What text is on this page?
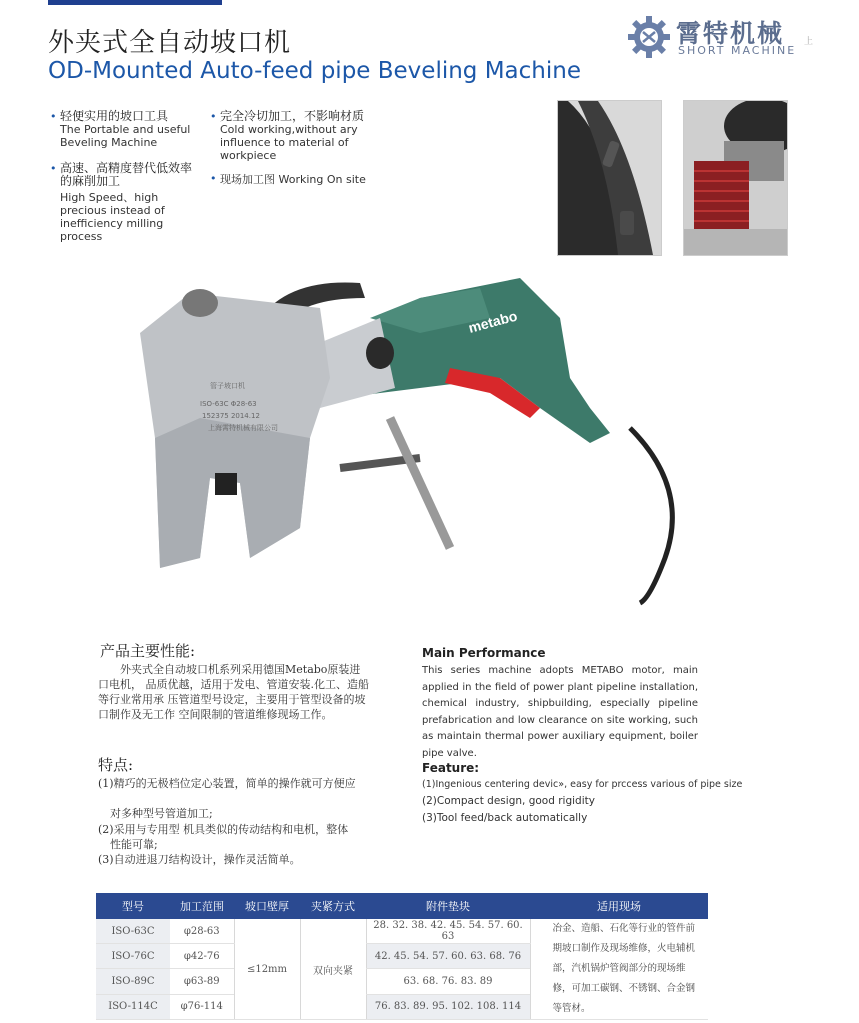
外夹式全自动坡口机
OD-Mounted Auto-feed pipe Beveling Machine
霄特机械
SHORT MACHINE
上
• 轻便实用的坡口工具
The Portable and useful Beveling Machine
• 高速、高精度替代低效率的麻削加工
High Speed、high precious instead of inefficiency milling process
• 完全冷切加工，不影响材质
Cold working,without ary influence to material of workpiece
• 现场加工图 Working On site
metabo
管子坡口机
ISO-63C Φ28-63
152375 2014.12
上海霄特机械有限公司
产品主要性能:
外夹式全自动坡口机系列采用德国Metabo原装进口电机， 品质优越，适用于发电、管道安装.化工、造船等行业常用承 压管道型号设定，主要用于管型设备的坡口制作及无工作 空间限制的管道维修现场工作。
特点:
(1)精巧的无极档位定心装置，简单的操作就可方便应
对多种型号管道加工;
(2)采用与专用型 机具类似的传动结构和电机，整体
性能可靠;
(3)自动进退刀结构设计，操作灵活简单。
Main Performance
This series machine adopts METABO motor, main applied in the field of power plant pipeline installation, chemical industry, shipbuilding, especially pipeline prefabrication and low clearance on site working, such as maintain thermal power auxiliary equipment, boiler pipe valve.
Feature:
(1)Ingenious centering devic», easy for prccess various of pipe size
(2)Compact design, good rigidity
(3)Tool feed/back automatically
型号	加工范围	坡口壁厚	夹紧方式	附件垫块	适用现场
ISO-63C	φ28-63	≤12mm	双向夹紧	28. 32. 38. 42. 45. 54. 57. 60. 63	冶金、造船、石化等行业的管件前期坡口制作及现场维修，火电辅机部，汽机锅炉管阀部分的现场维修，可加工碳钢、不锈钢、合金钢等管材。
ISO-76C	φ42-76			42. 45. 54. 57. 60. 63. 68. 76	
ISO-89C	φ63-89			63. 68. 76. 83. 89	
ISO-114C	φ76-114			76. 83. 89. 95. 102. 108. 114	
